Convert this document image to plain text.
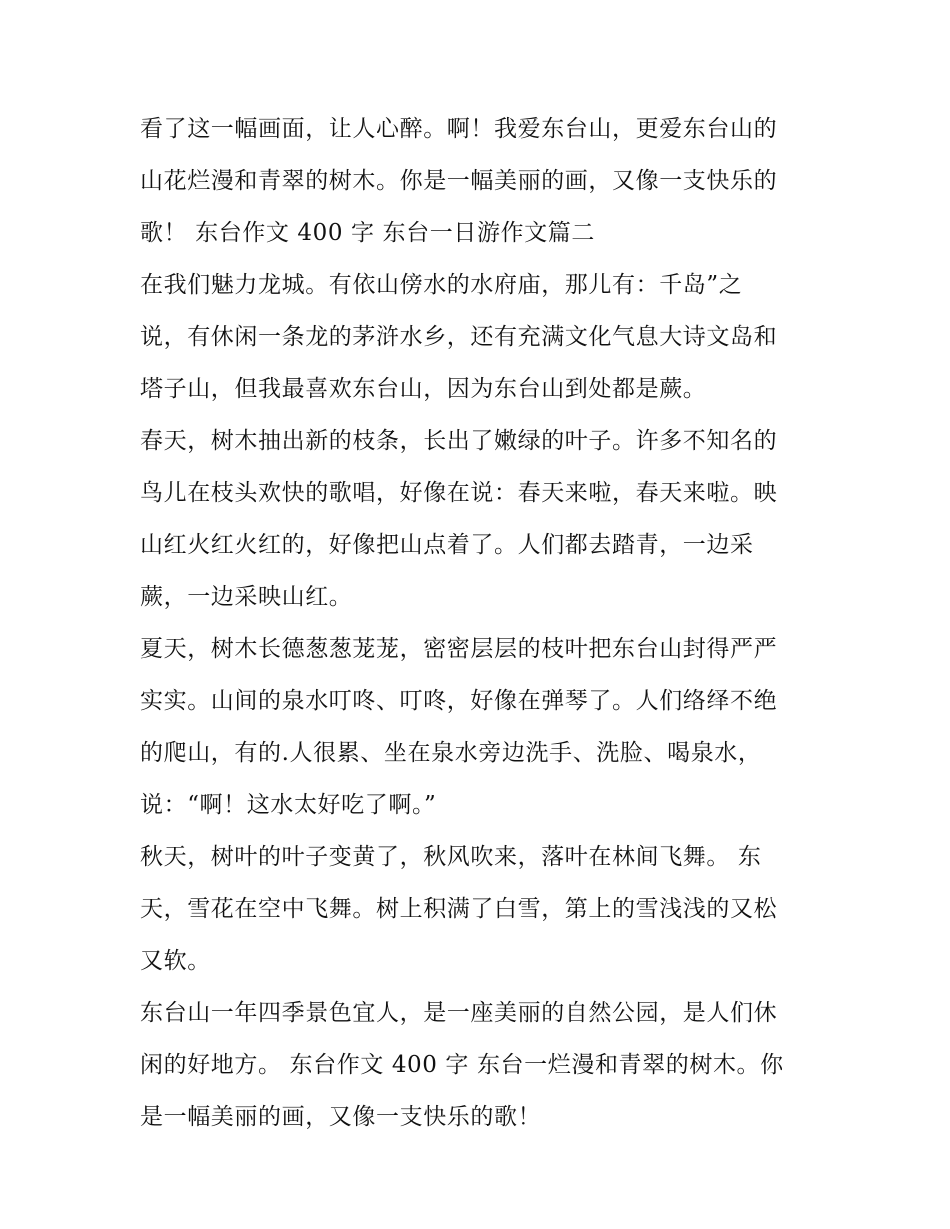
看了这一幅画面，让人心醉。啊！我爱东台山，更爱东台山的
山花烂漫和青翠的树木。你是一幅美丽的画，又像一支快乐的
歌！ 东台作文 400 字 东台一日游作文篇二
在我们魅力龙城。有依山傍水的水府庙，那儿有：千岛”之
说，有休闲一条龙的茅浒水乡，还有充满文化气息大诗文岛和
塔子山，但我最喜欢东台山，因为东台山到处都是蕨。
春天，树木抽出新的枝条，长出了嫩绿的叶子。许多不知名的
鸟儿在枝头欢快的歌唱，好像在说：春天来啦，春天来啦。映
山红火红火红的，好像把山点着了。人们都去踏青，一边采
蕨，一边采映山红。
夏天，树木长德葱葱茏茏，密密层层的枝叶把东台山封得严严
实实。山间的泉水叮咚、叮咚，好像在弹琴了。人们络绎不绝
的爬山，有的.人很累、坐在泉水旁边洗手、洗脸、喝泉水，
说：“啊！这水太好吃了啊。”
秋天，树叶的叶子变黄了，秋风吹来，落叶在林间飞舞。 东
天，雪花在空中飞舞。树上积满了白雪，第上的雪浅浅的又松
又软。
东台山一年四季景色宜人，是一座美丽的自然公园，是人们休
闲的好地方。 东台作文 400 字 东台一烂漫和青翠的树木。你
是一幅美丽的画，又像一支快乐的歌！
